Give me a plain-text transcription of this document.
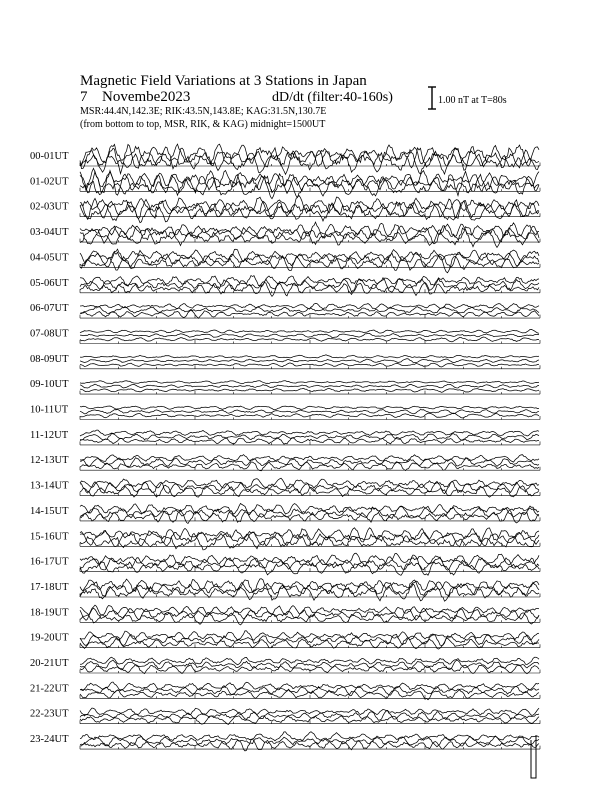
Magnetic Field Variations at 3 Stations in Japan
7 Novembe2023	dD/dt (filter:40-160s)
MSR:44.4N,142.3E; RIK:43.5N,143.8E; KAG:31.5N,130.7E
(from bottom to top, MSR, RIK, & KAG) midnight=1500UT
1.00 nT at T=80s
00-01UT
01-02UT
02-03UT
03-04UT
04-05UT
05-06UT
06-07UT
07-08UT
08-09UT
09-10UT
10-11UT
11-12UT
12-13UT
13-14UT
14-15UT
15-16UT
16-17UT
17-18UT
18-19UT
19-20UT
20-21UT
21-22UT
22-23UT
23-24UT
